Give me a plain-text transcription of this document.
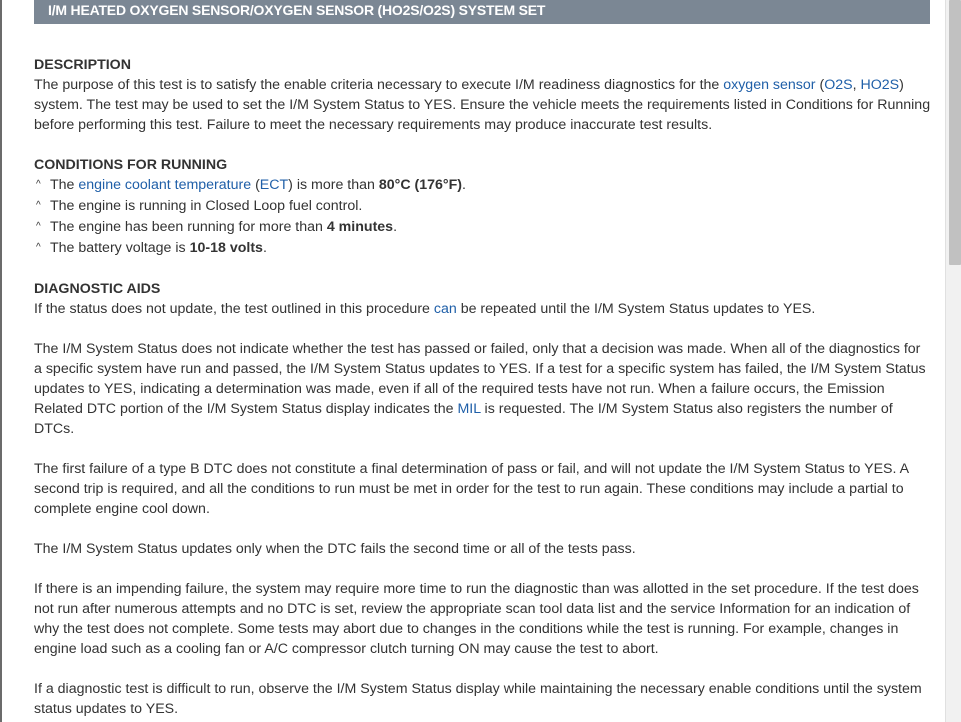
I/M HEATED OXYGEN SENSOR/OXYGEN SENSOR (HO2S/O2S) SYSTEM SET
DESCRIPTION

The purpose of this test is to satisfy the enable criteria necessary to execute I/M readiness diagnostics for the oxygen sensor (O2S, HO2S) system. The test may be used to set the I/M System Status to YES. Ensure the vehicle meets the requirements listed in Conditions for Running before performing this test. Failure to meet the necessary requirements may produce inaccurate test results.

CONDITIONS FOR RUNNING
^ The engine coolant temperature (ECT) is more than 80°C (176°F).
^ The engine is running in Closed Loop fuel control.
^ The engine has been running for more than 4 minutes.
^ The battery voltage is 10-18 volts.
DIAGNOSTIC AIDS

If the status does not update, the test outlined in this procedure can be repeated until the I/M System Status updates to YES.

The I/M System Status does not indicate whether the test has passed or failed, only that a decision was made. When all of the diagnostics for a specific system have run and passed, the I/M System Status updates to YES. If a test for a specific system has failed, the I/M System Status updates to YES, indicating a determination was made, even if all of the required tests have not run. When a failure occurs, the Emission Related DTC portion of the I/M System Status display indicates the MIL is requested. The I/M System Status also registers the number of DTCs.

The first failure of a type B DTC does not constitute a final determination of pass or fail, and will not update the I/M System Status to YES. A second trip is required, and all the conditions to run must be met in order for the test to run again. These conditions may include a partial to complete engine cool down.

The I/M System Status updates only when the DTC fails the second time or all of the tests pass.

If there is an impending failure, the system may require more time to run the diagnostic than was allotted in the set procedure. If the test does not run after numerous attempts and no DTC is set, review the appropriate scan tool data list and the service Information for an indication of why the test does not complete. Some tests may abort due to changes in the conditions while the test is running. For example, changes in engine load such as a cooling fan or A/C compressor clutch turning ON may cause the test to abort.

If a diagnostic test is difficult to run, observe the I/M System Status display while maintaining the necessary enable conditions until the system status updates to YES.
